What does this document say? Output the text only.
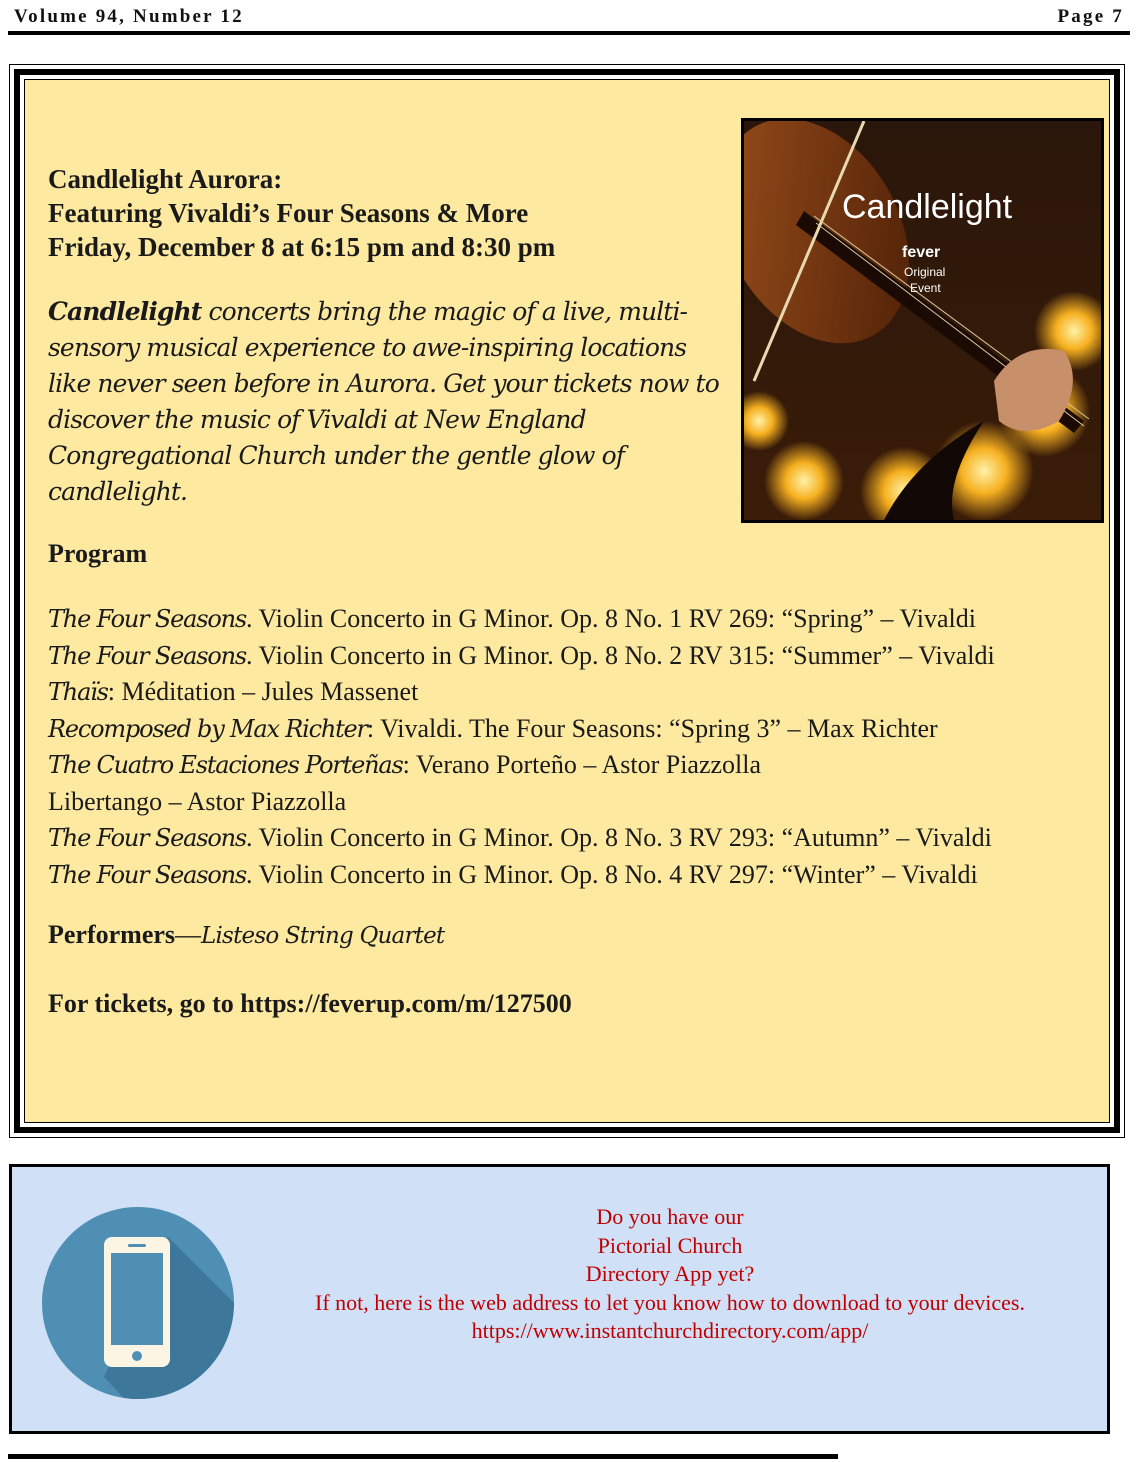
Volume 94, Number 12	Page 7
Candlelight Aurora:
Featuring Vivaldi’s Four Seasons & More
Friday, December 8 at 6:15 pm and 8:30 pm

Candlelight concerts bring the magic of a live, multi-sensory musical experience to awe-inspiring locations like never seen before in Aurora. Get your tickets now to discover the music of Vivaldi at New England Congregational Church under the gentle glow of candlelight.

Candlelight
fever
Original
Event
Program
The Four Seasons. Violin Concerto in G Minor. Op. 8 No. 1 RV 269: “Spring” – Vivaldi
The Four Seasons. Violin Concerto in G Minor. Op. 8 No. 2 RV 315: “Summer” – Vivaldi
Thaïs: Méditation – Jules Massenet
Recomposed by Max Richter: Vivaldi. The Four Seasons: “Spring 3” – Max Richter
The Cuatro Estaciones Porteñas: Verano Porteño – Astor Piazzolla
Libertango – Astor Piazzolla
The Four Seasons. Violin Concerto in G Minor. Op. 8 No. 3 RV 293: “Autumn” – Vivaldi
The Four Seasons. Violin Concerto in G Minor. Op. 8 No. 4 RV 297: “Winter” – Vivaldi
Performers—Listeso String Quartet
For tickets, go to https://feverup.com/m/127500
Do you have our
Pictorial Church
Directory App yet?
If not, here is the web address to let you know how to download to your devices.
https://www.instantchurchdirectory.com/app/
